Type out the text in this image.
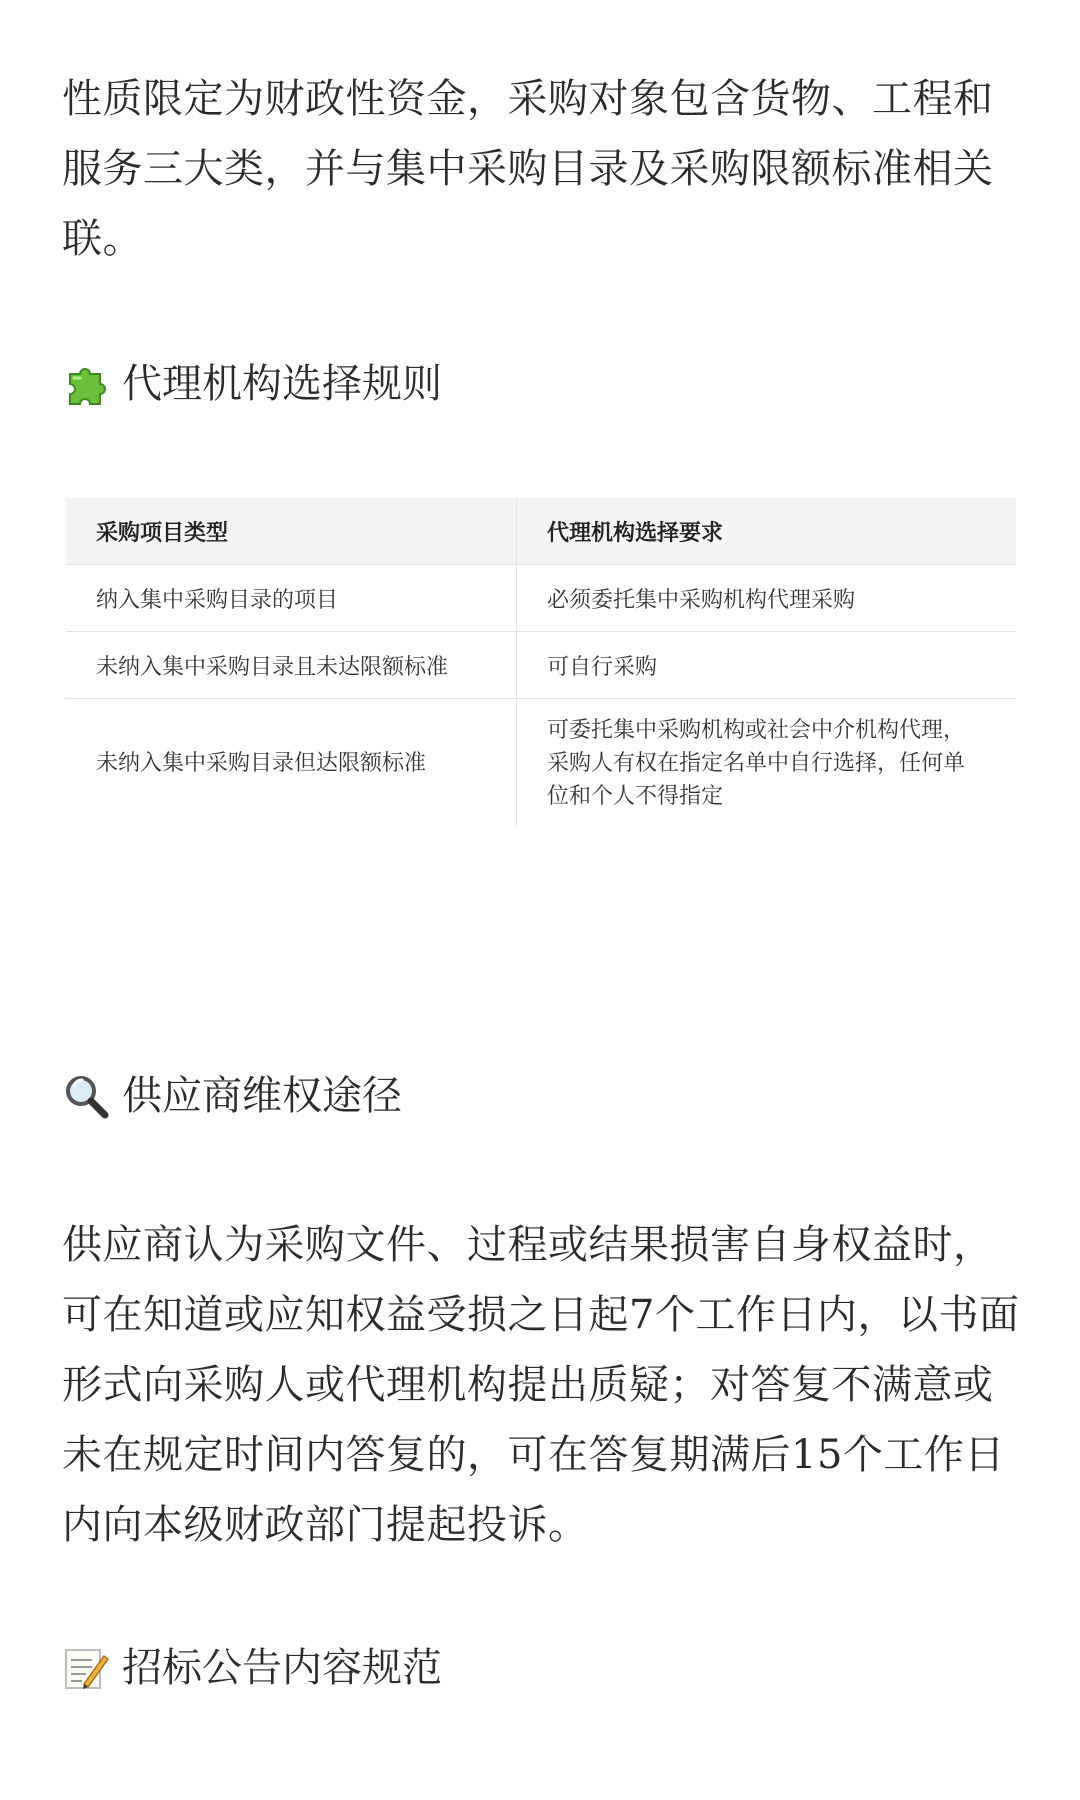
性质限定为财政性资金，采购对象包含货物、工程和服务三大类，并与集中采购目录及采购限额标准相关联。

代理机构选择规则
采购项目类型	代理机构选择要求
纳入集中采购目录的项目	必须委托集中采购机构代理采购
未纳入集中采购目录且未达限额标准	可自行采购
未纳入集中采购目录但达限额标准	可委托集中采购机构或社会中介机构代理，采购人有权在指定名单中自行选择，任何单位和个人不得指定
供应商维权途径

供应商认为采购文件、过程或结果损害自身权益时，可在知道或应知权益受损之日起7个工作日内，以书面形式向采购人或代理机构提出质疑；对答复不满意或未在规定时间内答复的，可在答复期满后15个工作日内向本级财政部门提起投诉。

招标公告内容规范
